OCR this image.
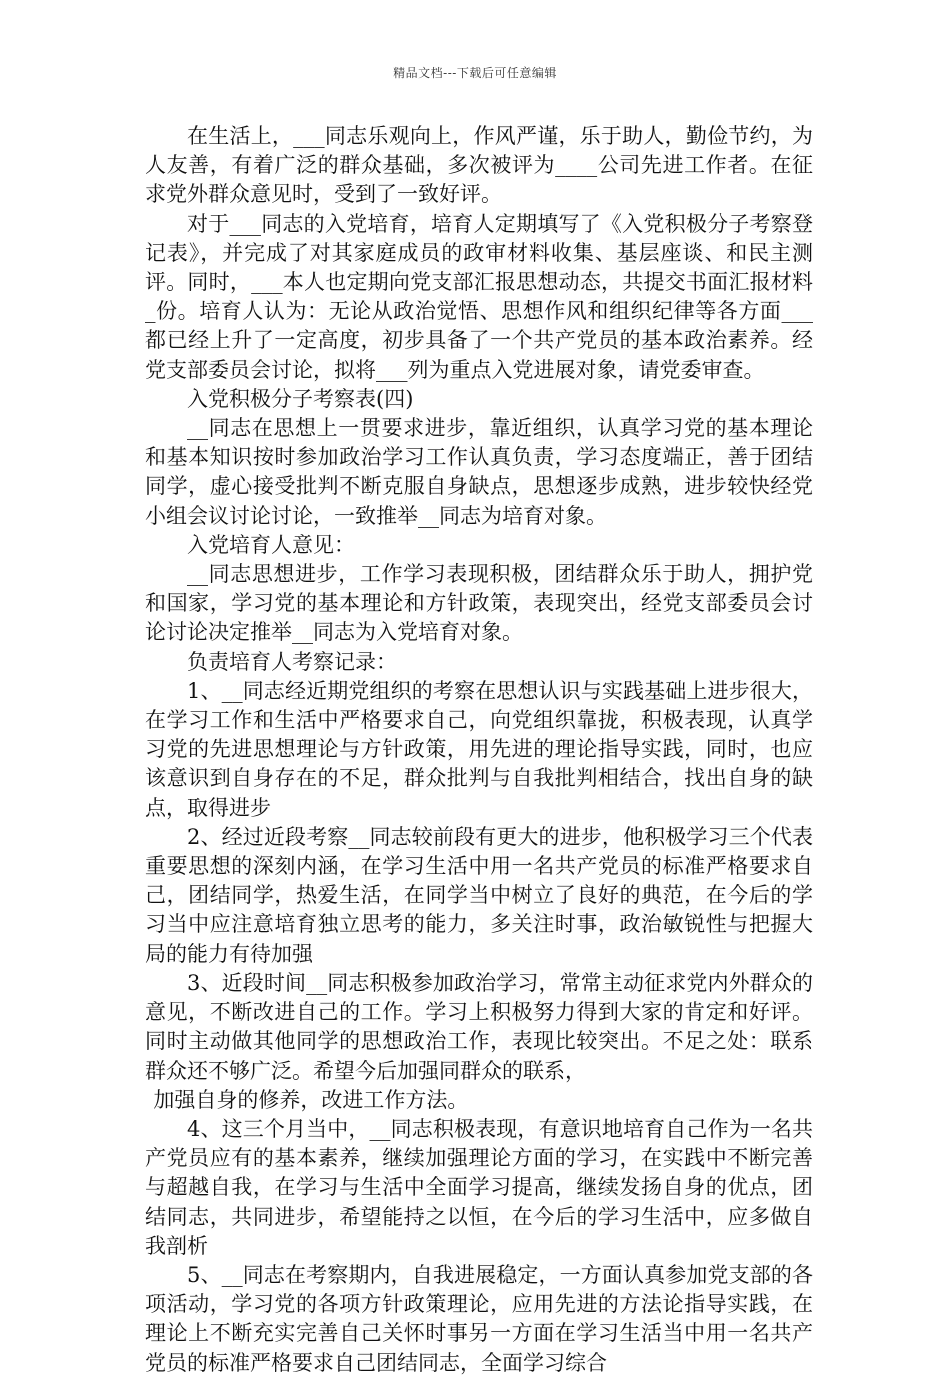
精品文档---下载后可任意编辑

在生活上，___同志乐观向上，作风严谨，乐于助人，勤俭节约，为人友善，有着广泛的群众基础，多次被评为____公司先进工作者。在征求党外群众意见时，受到了一致好评。

对于___同志的入党培育，培育人定期填写了《入党积极分子考察登记表》，并完成了对其家庭成员的政审材料收集、基层座谈、和民主测评。同时，___本人也定期向党支部汇报思想动态，共提交书面汇报材料_份。培育人认为：无论从政治觉悟、思想作风和组织纪律等各方面___都已经上升了一定高度，初步具备了一个共产党员的基本政治素养。经党支部委员会讨论，拟将___列为重点入党进展对象，请党委审查。

入党积极分子考察表(四)

__同志在思想上一贯要求进步，靠近组织，认真学习党的基本理论和基本知识按时参加政治学习工作认真负责，学习态度端正，善于团结同学，虚心接受批判不断克服自身缺点，思想逐步成熟，进步较快经党小组会议讨论讨论，一致推举__同志为培育对象。

入党培育人意见：

__同志思想进步，工作学习表现积极，团结群众乐于助人，拥护党和国家，学习党的基本理论和方针政策，表现突出，经党支部委员会讨论讨论决定推举__同志为入党培育对象。

负责培育人考察记录：

1、__同志经近期党组织的考察在思想认识与实践基础上进步很大，在学习工作和生活中严格要求自己，向党组织靠拢，积极表现，认真学习党的先进思想理论与方针政策，用先进的理论指导实践，同时，也应该意识到自身存在的不足，群众批判与自我批判相结合，找出自身的缺点，取得进步

2、经过近段考察__同志较前段有更大的进步，他积极学习三个代表重要思想的深刻内涵，在学习生活中用一名共产党员的标准严格要求自己，团结同学，热爱生活，在同学当中树立了良好的典范，在今后的学习当中应注意培育独立思考的能力，多关注时事，政治敏锐性与把握大局的能力有待加强

3、近段时间__同志积极参加政治学习，常常主动征求党内外群众的意见，不断改进自己的工作。学习上积极努力得到大家的肯定和好评。同时主动做其他同学的思想政治工作，表现比较突出。不足之处：联系群众还不够广泛。希望今后加强同群众的联系，

加强自身的修养，改进工作方法。

4、这三个月当中，__同志积极表现，有意识地培育自己作为一名共产党员应有的基本素养，继续加强理论方面的学习，在实践中不断完善与超越自我，在学习与生活中全面学习提高，继续发扬自身的优点，团结同志，共同进步，希望能持之以恒，在今后的学习生活中，应多做自我剖析

5、__同志在考察期内，自我进展稳定，一方面认真参加党支部的各项活动，学习党的各项方针政策理论，应用先进的方法论指导实践，在理论上不断充实完善自己关怀时事另一方面在学习生活当中用一名共产党员的标准严格要求自己团结同志，全面学习综合
